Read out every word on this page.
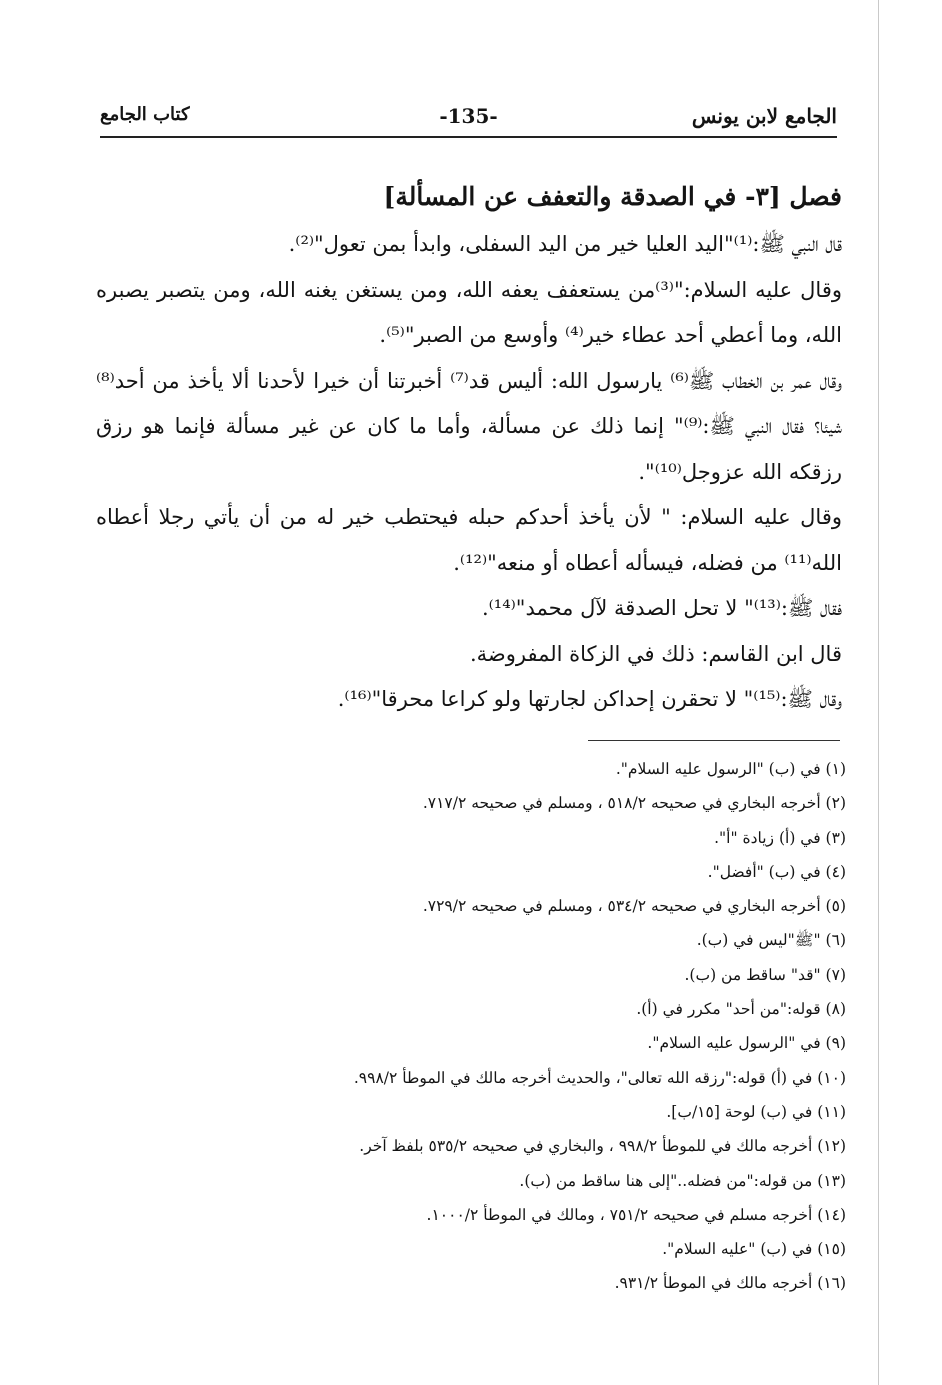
الجامع لابن يونس
-135-
كتاب الجامع
فصل [٣- في الصدقة والتعفف عن المسألة]

قال النبي ﷺ:⁽¹⁾"اليد العليا خير من اليد السفلى، وابدأ بمن تعول"⁽²⁾.

وقال عليه السلام:"⁽³⁾من يستعفف يعفه الله، ومن يستغن يغنه الله، ومن يتصبر يصبره الله، وما أعطي أحد عطاء خير⁽⁴⁾ وأوسع من الصبر"⁽⁵⁾.

وقال عمر بن الخطاب ﷺ⁽⁶⁾ يارسول الله: أليس قد⁽⁷⁾ أخبرتنا أن خيرا لأحدنا ألا يأخذ من أحد⁽⁸⁾ شيئا؟ فقال النبي ﷺ:⁽⁹⁾" إنما ذلك عن مسألة، وأما ما كان عن غير مسألة فإنما هو رزق رزقكه الله عزوجل⁽¹⁰⁾".

وقال عليه السلام: " لأن يأخذ أحدكم حبله فيحتطب خير له من أن يأتي رجلا أعطاه الله⁽¹¹⁾ من فضله، فيسأله أعطاه أو منعه"⁽¹²⁾.

فقال ﷺ:⁽¹³⁾" لا تحل الصدقة لآل محمد"⁽¹⁴⁾.

قال ابن القاسم: ذلك في الزكاة المفروضة.

وقال ﷺ:⁽¹⁵⁾" لا تحقرن إحداكن لجارتها ولو كراعا محرقا"⁽¹⁶⁾.

(١) في (ب) "الرسول عليه السلام".
(٢) أخرجه البخاري في صحيحه ٥١٨/٢ ، ومسلم في صحيحه ٧١٧/٢.
(٣) في (أ) زيادة "أ".
(٤) في (ب) "أفضل".
(٥) أخرجه البخاري في صحيحه ٥٣٤/٢ ، ومسلم في صحيحه ٧٢٩/٢.
(٦) "ﷺ"ليس في (ب).
(٧) "قد" ساقط من (ب).
(٨) قوله:"من أحد" مكرر في (أ).
(٩) في "الرسول عليه السلام".
(١٠) في (أ) قوله:"رزقه الله تعالى"، والحديث أخرجه مالك في الموطأ ٩٩٨/٢.
(١١) في (ب) لوحة [١٥/ب].
(١٢) أخرجه مالك في للموطأ ٩٩٨/٢ ، والبخاري في صحيحه ٥٣٥/٢ بلفظ آخر.
(١٣) من قوله:"من فضله.."إلى هنا ساقط من (ب).
(١٤) أخرجه مسلم في صحيحه ٧٥١/٢ ، ومالك في الموطأ ١٠٠٠/٢.
(١٥) في (ب) "عليه السلام".
(١٦) أخرجه مالك في الموطأ ٩٣١/٢.
